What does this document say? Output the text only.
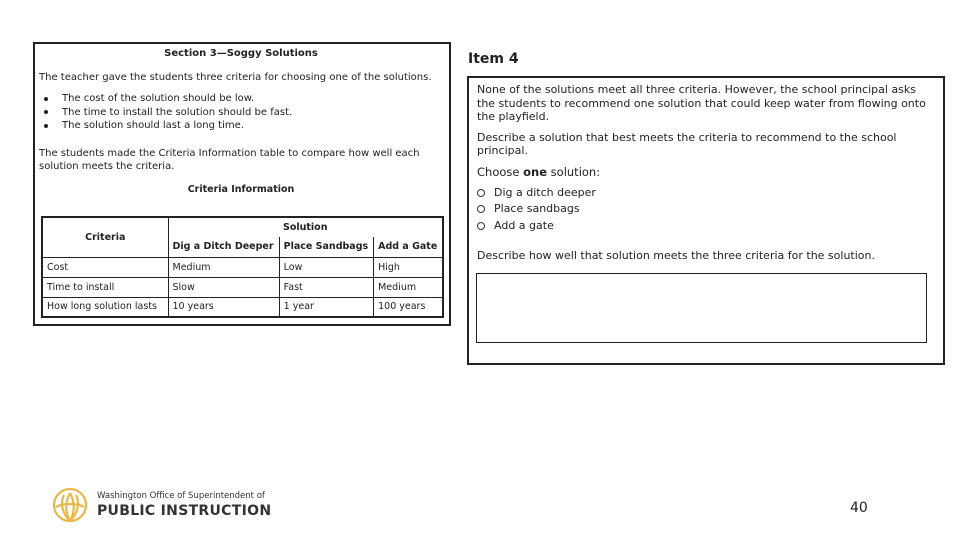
Section 3—Soggy Solutions
The teacher gave the students three criteria for choosing one of the solutions.
The cost of the solution should be low.
The time to install the solution should be fast.
The solution should last a long time.
The students made the Criteria Information table to compare how well each solution meets the criteria.
Criteria Information
Criteria	Solution		
	Dig a Ditch Deeper	Place Sandbags	Add a Gate
Cost	Medium	Low	High
Time to install	Slow	Fast	Medium
How long solution lasts	10 years	1 year	100 years
Item 4
None of the solutions meet all three criteria. However, the school principal asks the students to recommend one solution that could keep water from flowing onto the playfield.
Describe a solution that best meets the criteria to recommend to the school principal.
Choose one solution:
Dig a ditch deeper
Place sandbags
Add a gate
Describe how well that solution meets the three criteria for the solution.
Washington Office of Superintendent of
PUBLIC INSTRUCTION	40
